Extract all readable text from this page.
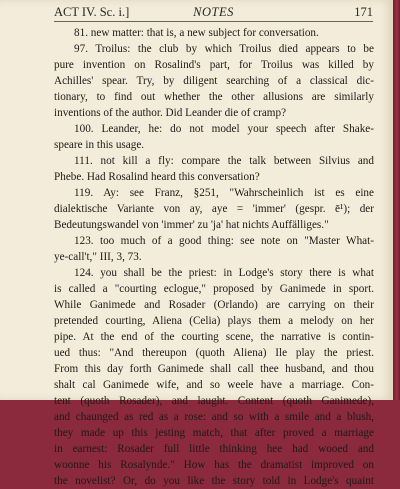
ACT IV. Sc. i.]	NOTES	171
81. new matter: that is, a new subject for conversation.
97. Troilus: the club by which Troilus died appears to be
pure invention on Rosalind's part, for Troilus was killed by
Achilles' spear. Try, by diligent searching of a classical dic-
tionary, to find out whether the other allusions are similarly
inventions of the author. Did Leander die of cramp?
100. Leander, he: do not model your speech after Shake-
speare in this usage.
111. not kill a fly: compare the talk between Silvius and
Phebe. Had Rosalind heard this conversation?
119. Ay: see Franz, §251, "Wahrscheinlich ist es eine
dialektische Variante von ay, aye = 'immer' (gespr. ē¹); der
Bedeutungswandel von 'immer' zu 'ja' hat nichts Auffälliges."
123. too much of a good thing: see note on "Master What-
ye-call't," III, 3, 73.
124. you shall be the priest: in Lodge's story there is what
is called a "courting eclogue," proposed by Ganimede in sport.
While Ganimede and Rosader (Orlando) are carrying on their
pretended courting, Aliena (Celia) plays them a melody on her
pipe. At the end of the courting scene, the narrative is contin-
ued thus: "And thereupon (quoth Aliena) Ile play the priest.
From this day forth Ganimede shall call thee husband, and thou
shalt cal Ganimede wife, and so weele have a marriage. Con-
tent (quoth Rosader), and laught. Content (quoth Ganimede),
and chaunged as red as a rose: and so with a smile and a blush,
they made up this jesting match, that after proved a marriage
in earnest: Rosader full little thinking hee had wooed and
woonne his Rosalynde." How has the dramatist improved on
the novelist? Or, do you like the story told in Lodge's quaint
